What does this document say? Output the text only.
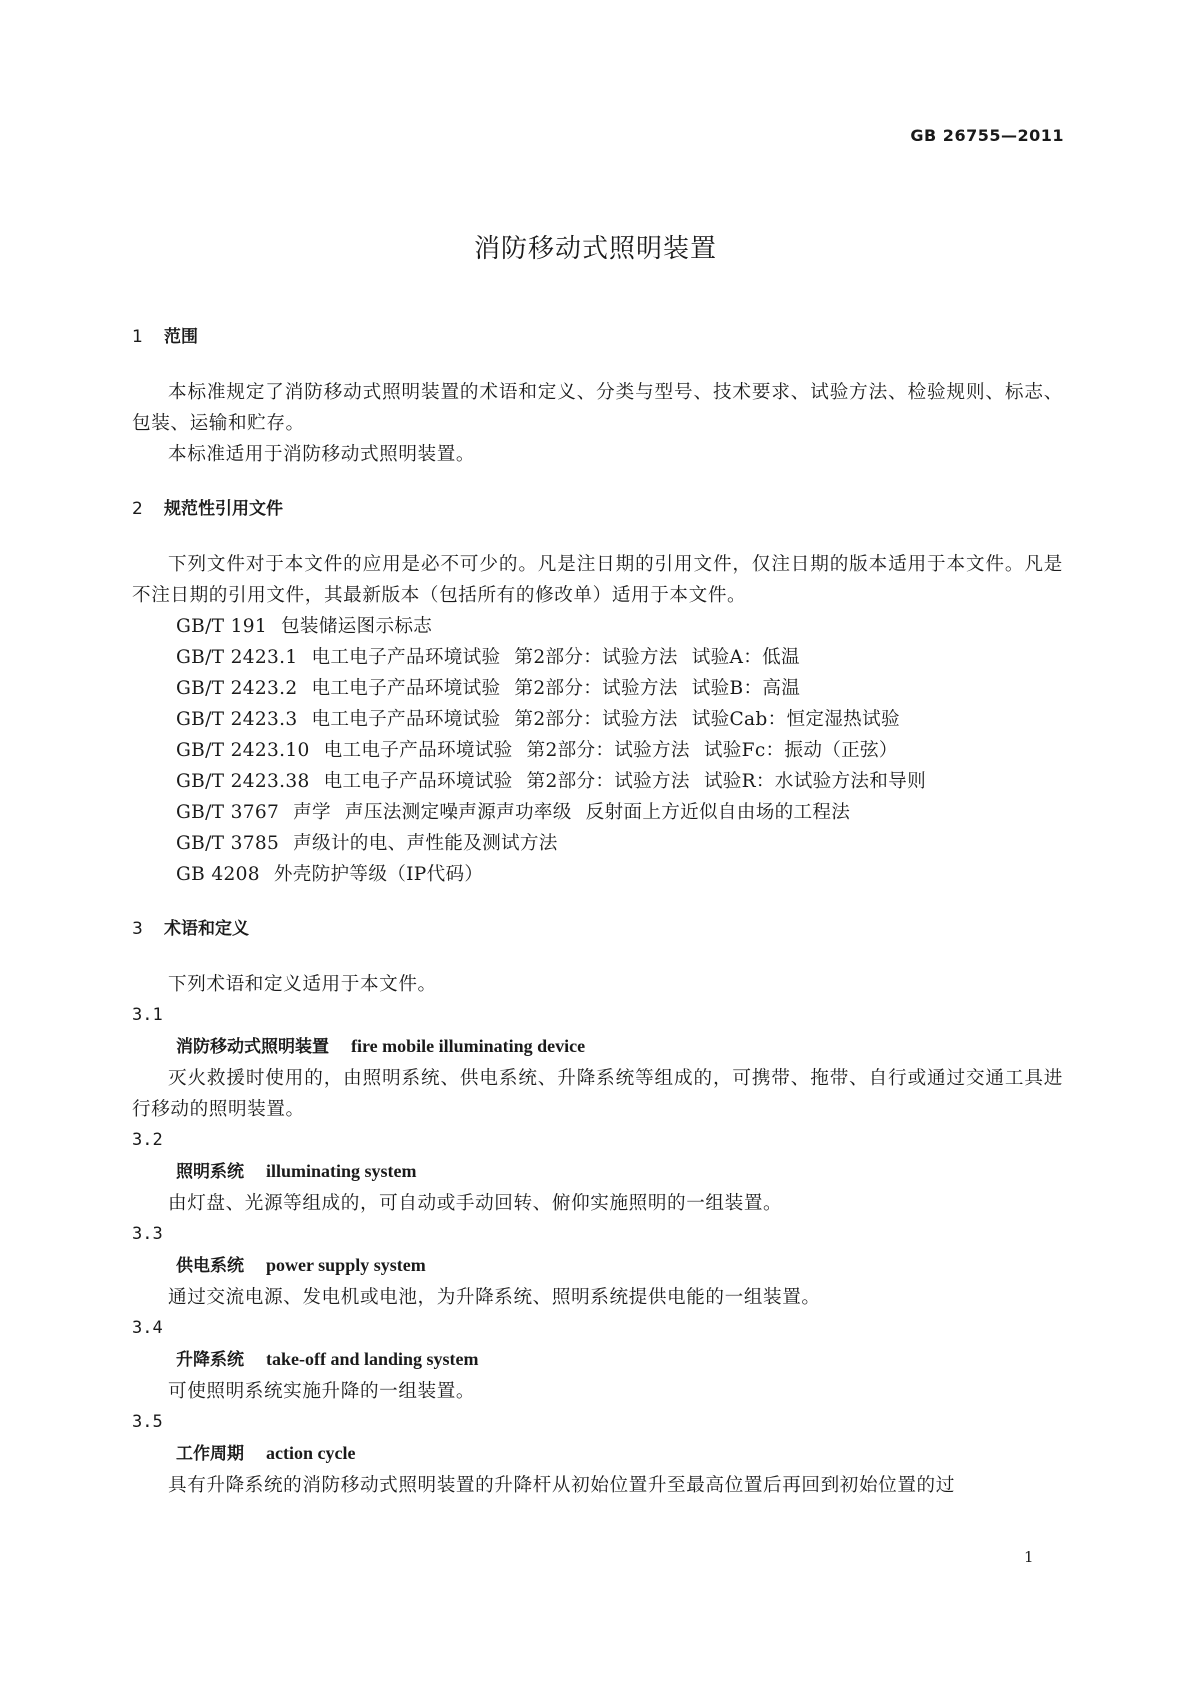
GB 26755—2011
消防移动式照明装置
1	范围
本标准规定了消防移动式照明装置的术语和定义、分类与型号、技术要求、试验方法、检验规则、标志、包装、运输和贮存。
本标准适用于消防移动式照明装置。
2	规范性引用文件
下列文件对于本文件的应用是必不可少的。凡是注日期的引用文件，仅注日期的版本适用于本文件。凡是不注日期的引用文件，其最新版本（包括所有的修改单）适用于本文件。
GB/T 191 包装储运图示标志
GB/T 2423.1 电工电子产品环境试验 第2部分：试验方法 试验A：低温
GB/T 2423.2 电工电子产品环境试验 第2部分：试验方法 试验B：高温
GB/T 2423.3 电工电子产品环境试验 第2部分：试验方法 试验Cab：恒定湿热试验
GB/T 2423.10 电工电子产品环境试验 第2部分：试验方法 试验Fc：振动（正弦）
GB/T 2423.38 电工电子产品环境试验 第2部分：试验方法 试验R：水试验方法和导则
GB/T 3767 声学 声压法测定噪声源声功率级 反射面上方近似自由场的工程法
GB/T 3785 声级计的电、声性能及测试方法
GB 4208 外壳防护等级（IP代码）
3	术语和定义
下列术语和定义适用于本文件。
3.1
消防移动式照明装置 fire mobile illuminating device
灭火救援时使用的，由照明系统、供电系统、升降系统等组成的，可携带、拖带、自行或通过交通工具进行移动的照明装置。
3.2
照明系统 illuminating system
由灯盘、光源等组成的，可自动或手动回转、俯仰实施照明的一组装置。
3.3
供电系统 power supply system
通过交流电源、发电机或电池，为升降系统、照明系统提供电能的一组装置。
3.4
升降系统 take-off and landing system
可使照明系统实施升降的一组装置。
3.5
工作周期 action cycle
具有升降系统的消防移动式照明装置的升降杆从初始位置升至最高位置后再回到初始位置的过
1
